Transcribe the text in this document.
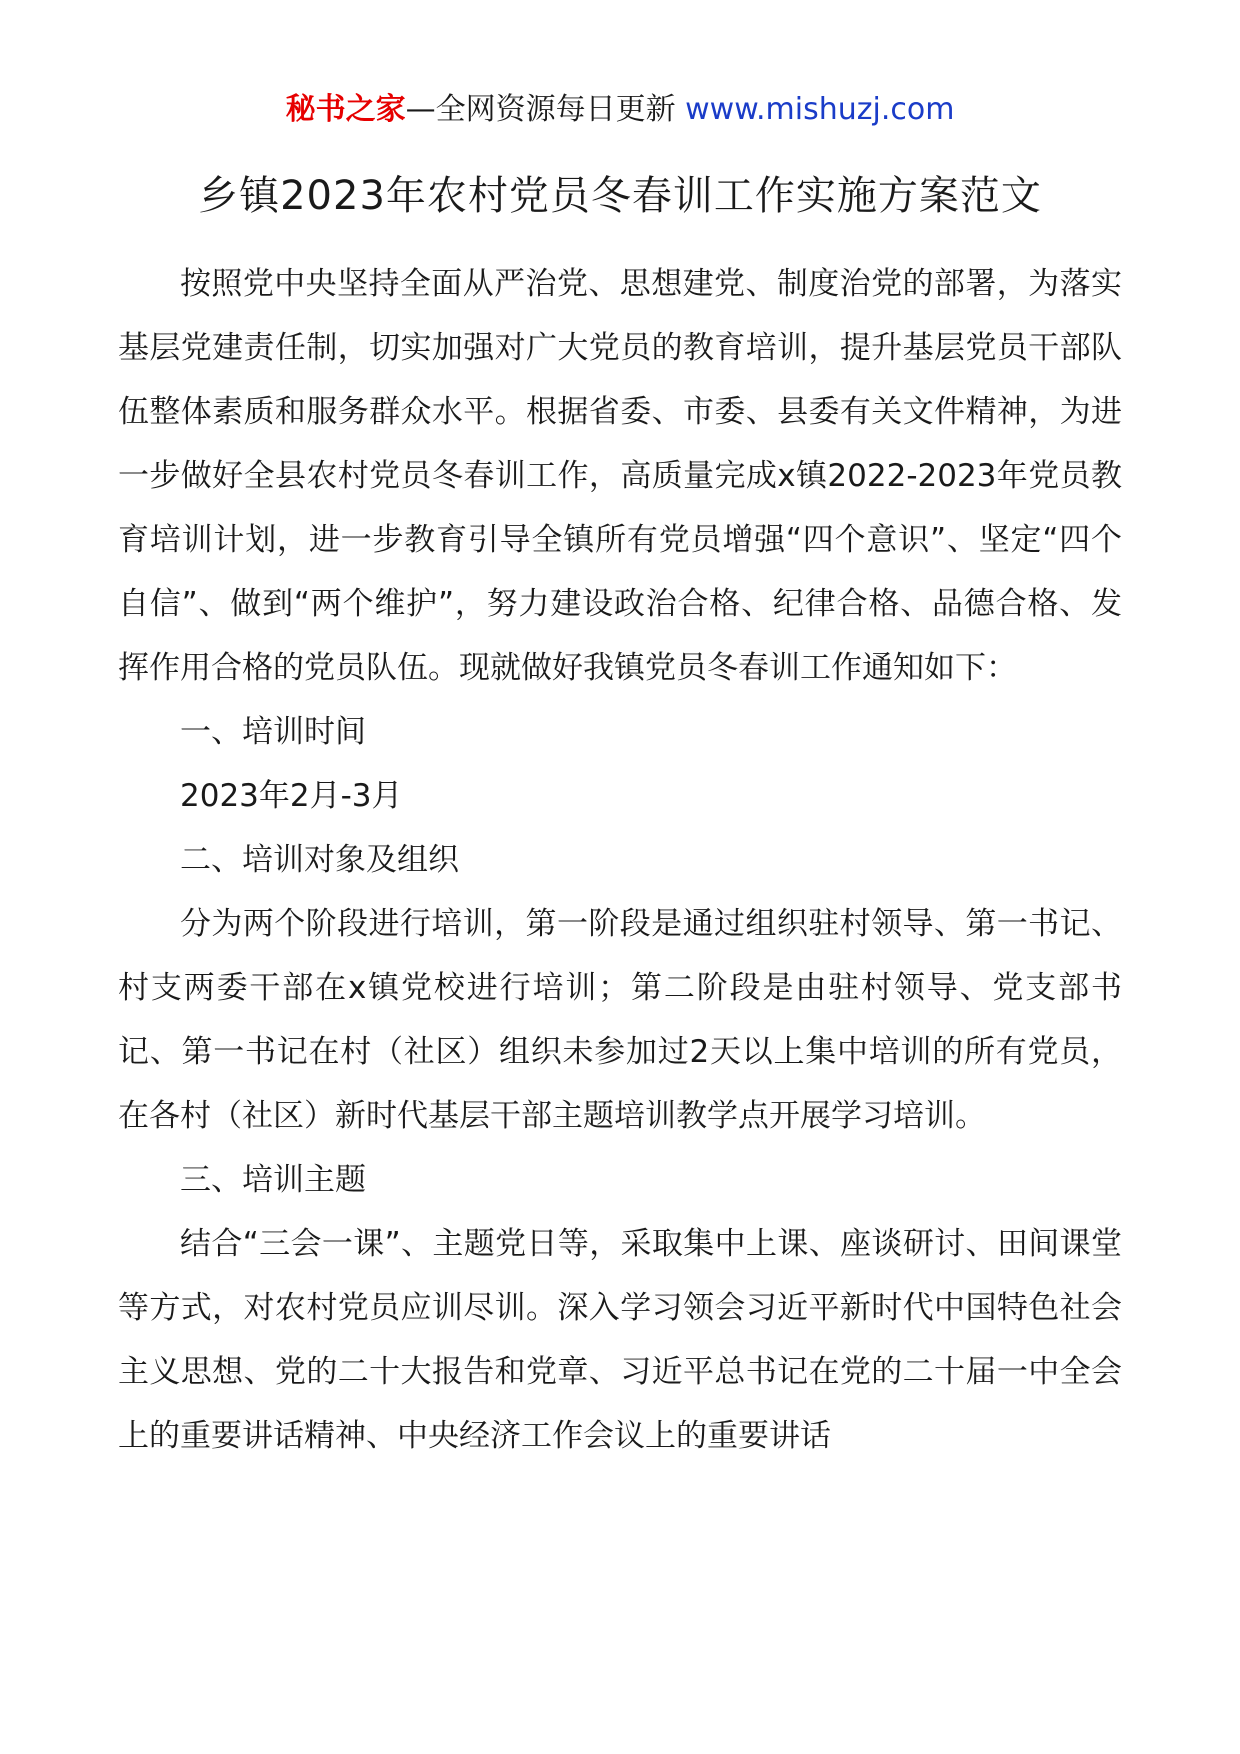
秘书之家—全网资源每日更新 www.mishuzj.com
乡镇2023年农村党员冬春训工作实施方案范文

按照党中央坚持全面从严治党、思想建党、制度治党的部署，为落实基层党建责任制，切实加强对广大党员的教育培训，提升基层党员干部队伍整体素质和服务群众水平。根据省委、市委、县委有关文件精神，为进一步做好全县农村党员冬春训工作，高质量完成x镇2022-2023年党员教育培训计划，进一步教育引导全镇所有党员增强“四个意识”、坚定“四个自信”、做到“两个维护”，努力建设政治合格、纪律合格、品德合格、发挥作用合格的党员队伍。现就做好我镇党员冬春训工作通知如下：

一、培训时间

2023年2月-3月

二、培训对象及组织

分为两个阶段进行培训，第一阶段是通过组织驻村领导、第一书记、村支两委干部在x镇党校进行培训；第二阶段是由驻村领导、党支部书记、第一书记在村（社区）组织未参加过2天以上集中培训的所有党员，在各村（社区）新时代基层干部主题培训教学点开展学习培训。

三、培训主题

结合“三会一课”、主题党日等，采取集中上课、座谈研讨、田间课堂等方式，对农村党员应训尽训。深入学习领会习近平新时代中国特色社会主义思想、党的二十大报告和党章、习近平总书记在党的二十届一中全会上的重要讲话精神、中央经济工作会议上的重要讲话
